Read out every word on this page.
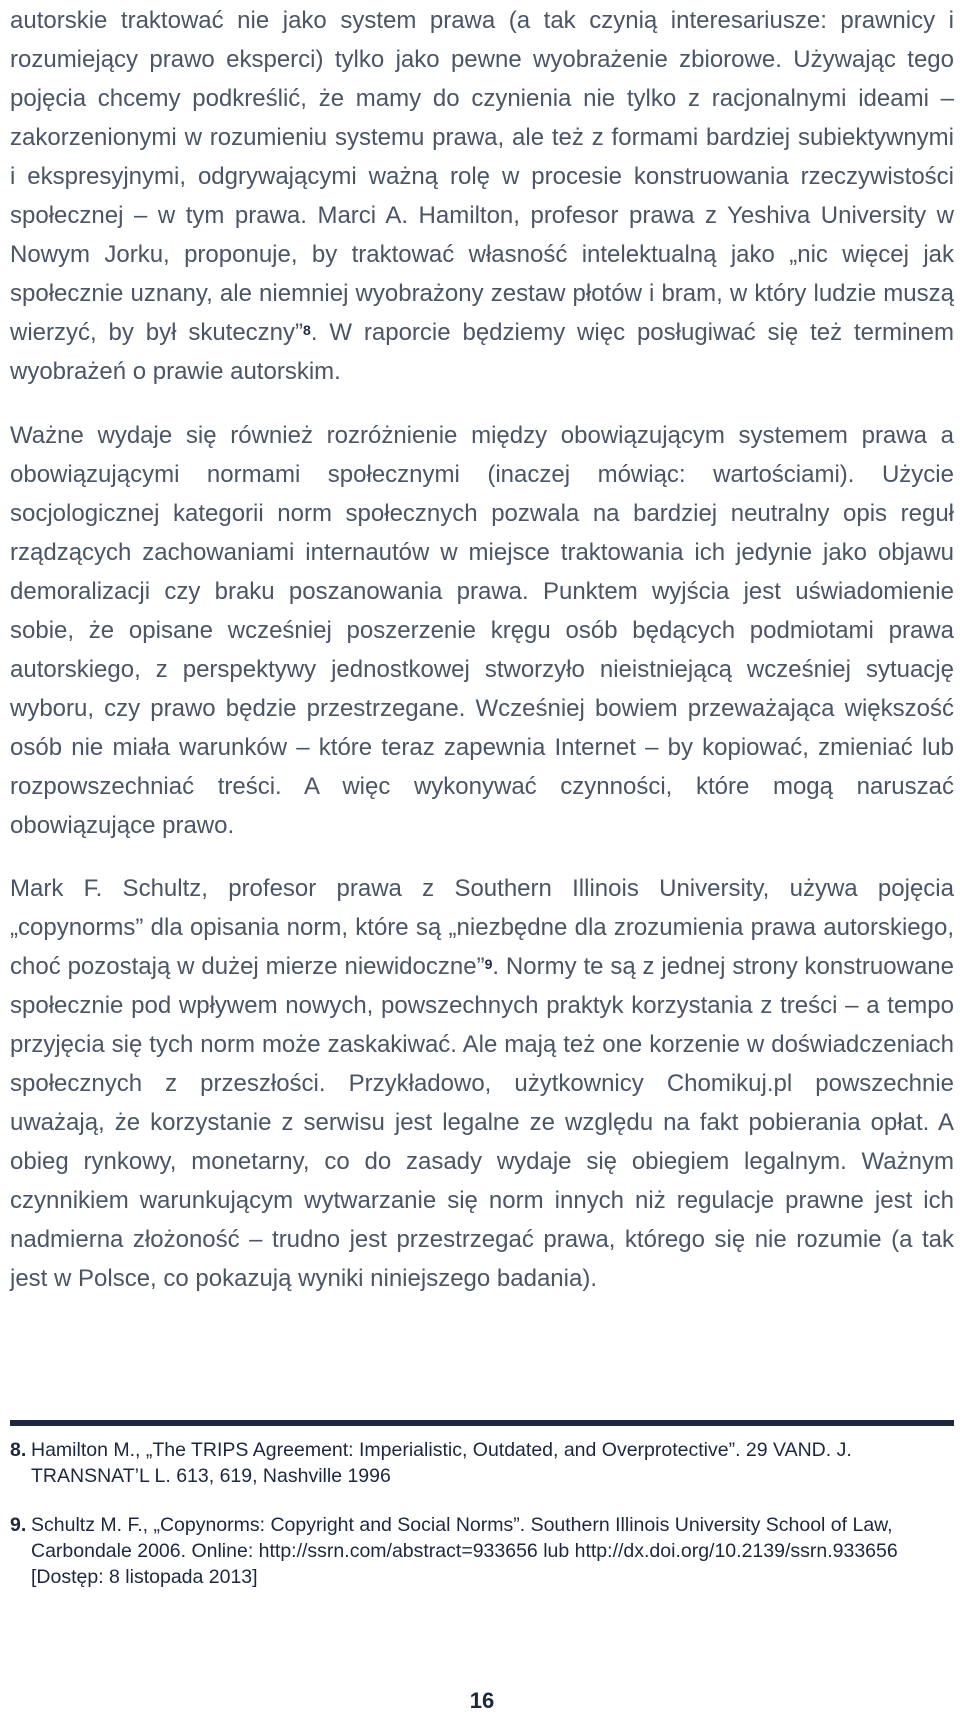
autorskie traktować nie jako system prawa (a tak czynią interesariusze: prawnicy i rozumiejący prawo eksperci) tylko jako pewne wyobrażenie zbiorowe. Używając tego pojęcia chcemy podkreślić, że mamy do czynienia nie tylko z racjonalnymi ideami – zakorzenionymi w rozumieniu systemu prawa, ale też z formami bardziej subiektywnymi i ekspresyjnymi, odgrywającymi ważną rolę w procesie konstruowania rzeczywistości społecznej – w tym prawa. Marci A. Hamilton, profesor prawa z Yeshiva University w Nowym Jorku, proponuje, by traktować własność intelektualną jako „nic więcej jak społecznie uznany, ale niemniej wyobrażony zestaw płotów i bram, w który ludzie muszą wierzyć, by był skuteczny”$^8$. W raporcie będziemy więc posługiwać się też terminem wyobrażeń o prawie autorskim.

Ważne wydaje się również rozróżnienie między obowiązującym systemem prawa a obowiązującymi normami społecznymi (inaczej mówiąc: wartościami). Użycie socjologicznej kategorii norm społecznych pozwala na bardziej neutralny opis reguł rządzących zachowaniami internautów w miejsce traktowania ich jedynie jako objawu demoralizacji czy braku poszanowania prawa. Punktem wyjścia jest uświadomienie sobie, że opisane wcześniej poszerzenie kręgu osób będących podmiotami prawa autorskiego, z perspektywy jednostkowej stworzyło nieistniejącą wcześniej sytuację wyboru, czy prawo będzie przestrzegane. Wcześniej bowiem przeważająca większość osób nie miała warunków – które teraz zapewnia Internet – by kopiować, zmieniać lub rozpowszechniać treści. A więc wykonywać czynności, które mogą naruszać obowiązujące prawo.

Mark F. Schultz, profesor prawa z Southern Illinois University, używa pojęcia „copynorms” dla opisania norm, które są „niezbędne dla zrozumienia prawa autorskiego, choć pozostają w dużej mierze niewidoczne”$^9$. Normy te są z jednej strony konstruowane społecznie pod wpływem nowych, powszechnych praktyk korzystania z treści – a tempo przyjęcia się tych norm może zaskakiwać. Ale mają też one korzenie w doświadczeniach społecznych z przeszłości. Przykładowo, użytkownicy Chomikuj.pl powszechnie uważają, że korzystanie z serwisu jest legalne ze względu na fakt pobierania opłat. A obieg rynkowy, monetarny, co do zasady wydaje się obiegiem legalnym. Ważnym czynnikiem warunkującym wytwarzanie się norm innych niż regulacje prawne jest ich nadmierna złożoność – trudno jest przestrzegać prawa, którego się nie rozumie (a tak jest w Polsce, co pokazują wyniki niniejszego badania).

8. Hamilton M., „The TRIPS Agreement: Imperialistic, Outdated, and Overprotective”. 29 VAND. J. TRANSNAT’L L. 613, 619, Nashville 1996
9. Schultz M. F., „Copynorms: Copyright and Social Norms”. Southern Illinois University School of Law, Carbondale 2006. Online: http://ssrn.com/abstract=933656 lub http://dx.doi.org/10.2139/ssrn.933656 [Dostęp: 8 listopada 2013]
16
